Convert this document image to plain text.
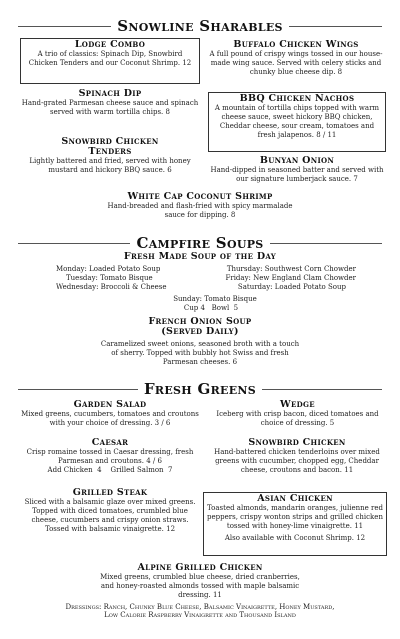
Snowline Sharables
Lodge Combo
A trio of classics: Spinach Dip, Snowbird Chicken Tenders and our Coconut Shrimp. 12
Buffalo Chicken Wings
A full pound of crispy wings tossed in our house-made wing sauce. Served with celery sticks and chunky blue cheese dip. 8
Spinach Dip
Hand-grated Parmesan cheese sauce and spinach served with warm tortilla chips. 8
BBQ Chicken Nachos
A mountain of tortilla chips topped with warm cheese sauce, sweet hickory BBQ chicken, Cheddar cheese, sour cream, tomatoes and fresh jalapenos. 8 / 11
Snowbird Chicken
Tenders
Lightly battered and fried, served with honey mustard and hickory BBQ sauce. 6
Bunyan Onion
Hand-dipped in seasoned batter and served with our signature lumberjack sauce. 7
White Cap Coconut Shrimp
Hand-breaded and flash-fried with spicy marmalade sauce for dipping. 8
Campfire Soups
Fresh Made Soup of the Day
Monday: Loaded Potato Soup	Thursday: Southwest Corn Chowder
Tuesday: Tomato Bisque	Friday: New England Clam Chowder
Wednesday: Broccoli & Cheese	Saturday: Loaded Potato Soup
Sunday: Tomato Bisque
Cup 4   Bowl  5
French Onion Soup
(Served Daily)
Caramelized sweet onions, seasoned broth with a touch of sherry. Topped with bubbly hot Swiss and fresh Parmesan cheeses. 6
Fresh Greens
Garden Salad
Mixed greens, cucumbers, tomatoes and croutons with your choice of dressing. 3 / 6
Wedge
Iceberg with crisp bacon, diced tomatoes and choice of dressing. 5
Caesar
Crisp romaine tossed in Caesar dressing, fresh Parmesan and croutons. 4 / 6
Add Chicken  4    Grilled Salmon  7
Snowbird Chicken
Hand-battered chicken tenderloins over mixed greens with cucumber, chopped egg, Cheddar cheese, croutons and bacon. 11
Grilled Steak
Sliced with a balsamic glaze over mixed greens. Topped with diced tomatoes, crumbled blue cheese, cucumbers and crispy onion straws. Tossed with balsamic vinaigrette. 12
Asian Chicken
Toasted almonds, mandarin oranges, julienne red peppers, crispy wonton strips and grilled chicken tossed with honey-lime vinaigrette. 11
Also available with Coconut Shrimp. 12
Alpine Grilled Chicken
Mixed greens, crumbled blue cheese, dried cranberries, and honey-roasted almonds tossed with maple balsamic dressing. 11
Dressings: Ranch, Chunky Blue Cheese, Balsamic Vinaigrette, Honey Mustard,
Low Calorie Raspberry Vinaigrette and Thousand Island
